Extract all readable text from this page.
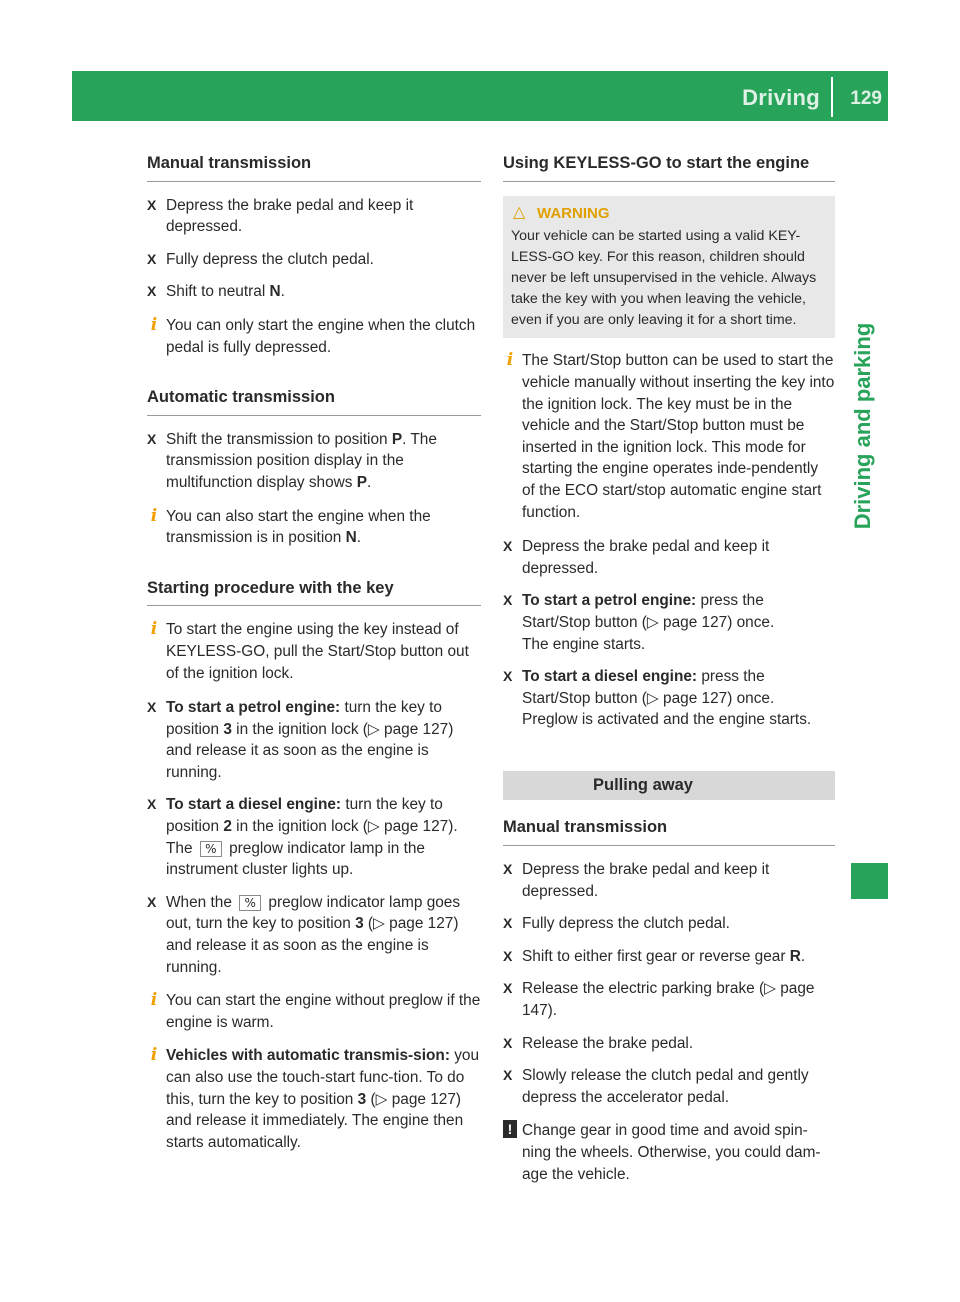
Driving 129
Driving and parking
Manual transmission
X Depress the brake pedal and keep it depressed.
X Fully depress the clutch pedal.
X Shift to neutral N.
i You can only start the engine when the clutch pedal is fully depressed.
Automatic transmission
X Shift the transmission to position P. The transmission position display in the multifunction display shows P.
i You can also start the engine when the transmission is in position N.
Starting procedure with the key
i To start the engine using the key instead of KEYLESS-GO, pull the Start/Stop button out of the ignition lock.
X To start a petrol engine: turn the key to position 3 in the ignition lock (▷ page 127) and release it as soon as the engine is running.
X To start a diesel engine: turn the key to position 2 in the ignition lock (▷ page 127).
The % preglow indicator lamp in the instrument cluster lights up.
X When the % preglow indicator lamp goes out, turn the key to position 3 (▷ page 127) and release it as soon as the engine is running.
i You can start the engine without preglow if the engine is warm.
i Vehicles with automatic transmis-sion: you can also use the touch-start func-tion. To do this, turn the key to position 3 (▷ page 127) and release it immediately. The engine then starts automatically.
Using KEYLESS-GO to start the engine
△ WARNING
Your vehicle can be started using a valid KEY-LESS-GO key. For this reason, children should never be left unsupervised in the vehicle. Always take the key with you when leaving the vehicle, even if you are only leaving it for a short time.
i The Start/Stop button can be used to start the vehicle manually without inserting the key into the ignition lock. The key must be in the vehicle and the Start/Stop button must be inserted in the ignition lock. This mode for starting the engine operates inde-pendently of the ECO start/stop automatic engine start function.
X Depress the brake pedal and keep it depressed.
X To start a petrol engine: press the Start/Stop button (▷ page 127) once.
The engine starts.
X To start a diesel engine: press the Start/Stop button (▷ page 127) once.
Preglow is activated and the engine starts.
Pulling away
Manual transmission
X Depress the brake pedal and keep it depressed.
X Fully depress the clutch pedal.
X Shift to either first gear or reverse gear R.
X Release the electric parking brake (▷ page 147).
X Release the brake pedal.
X Slowly release the clutch pedal and gently depress the accelerator pedal.
! Change gear in good time and avoid spin-ning the wheels. Otherwise, you could dam-age the vehicle.
